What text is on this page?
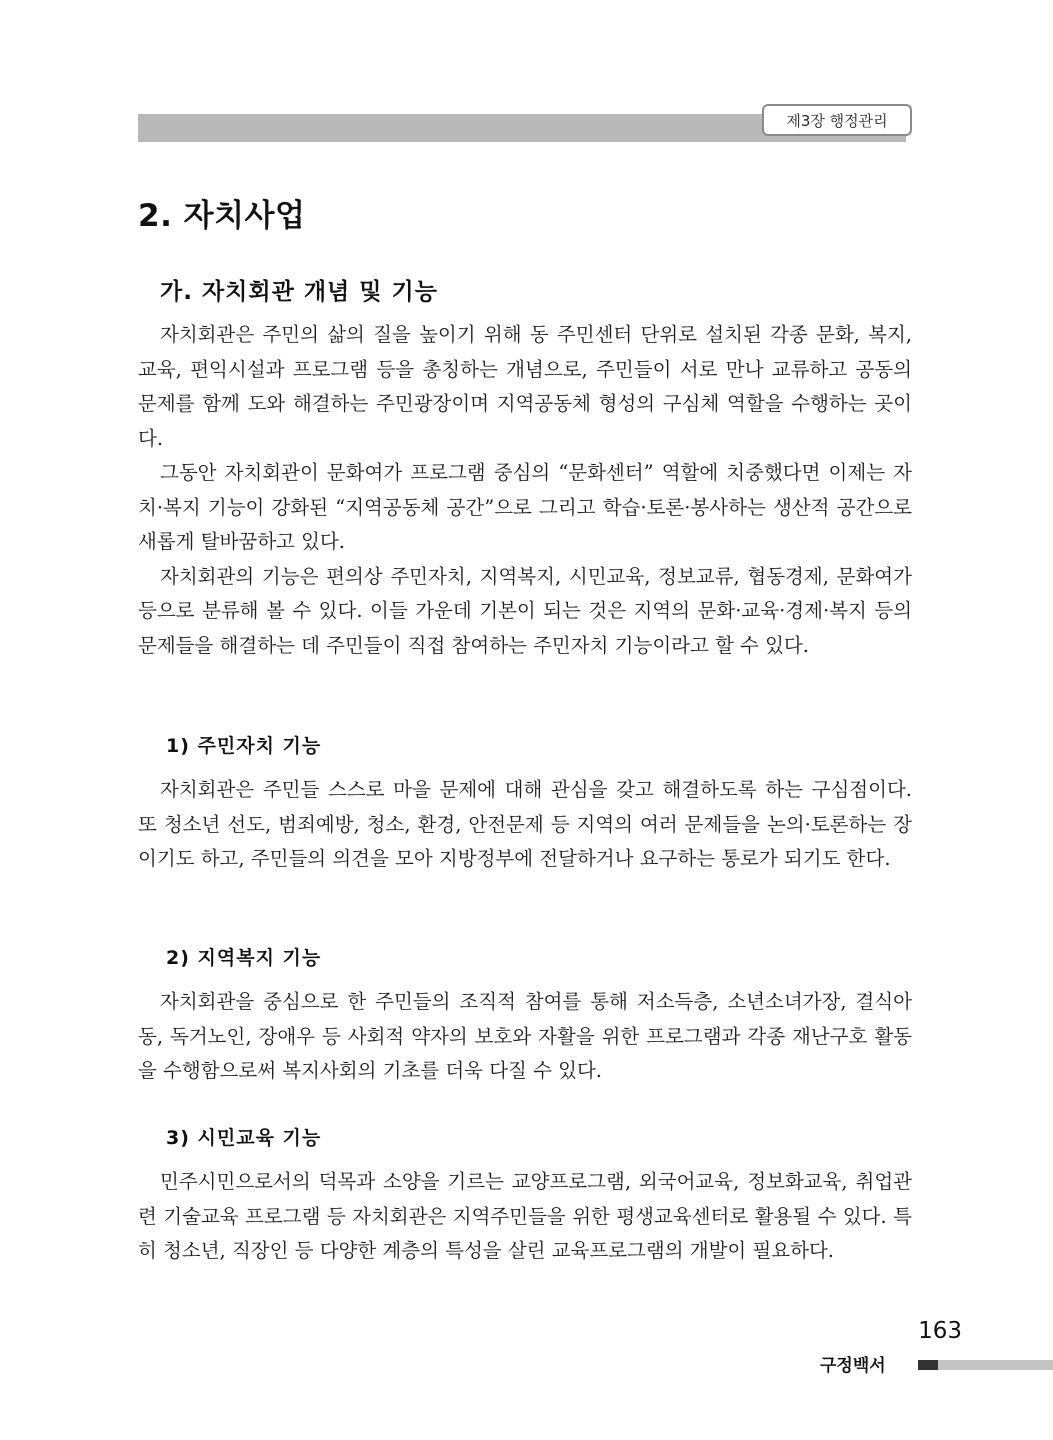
제3장 행정관리
2. 자치사업
가. 자치회관 개념 및 기능

자치회관은 주민의 삶의 질을 높이기 위해 동 주민센터 단위로 설치된 각종 문화, 복지, 교육, 편익시설과 프로그램 등을 총칭하는 개념으로, 주민들이 서로 만나 교류하고 공동의 문제를 함께 도와 해결하는 주민광장이며 지역공동체 형성의 구심체 역할을 수행하는 곳이다.

그동안 자치회관이 문화여가 프로그램 중심의 “문화센터” 역할에 치중했다면 이제는 자치·복지 기능이 강화된 “지역공동체 공간”으로 그리고 학습·토론·봉사하는 생산적 공간으로 새롭게 탈바꿈하고 있다.

자치회관의 기능은 편의상 주민자치, 지역복지, 시민교육, 정보교류, 협동경제, 문화여가 등으로 분류해 볼 수 있다. 이들 가운데 기본이 되는 것은 지역의 문화·교육·경제·복지 등의 문제들을 해결하는 데 주민들이 직접 참여하는 주민자치 기능이라고 할 수 있다.

1) 주민자치 기능

자치회관은 주민들 스스로 마을 문제에 대해 관심을 갖고 해결하도록 하는 구심점이다. 또 청소년 선도, 범죄예방, 청소, 환경, 안전문제 등 지역의 여러 문제들을 논의·토론하는 장이기도 하고, 주민들의 의견을 모아 지방정부에 전달하거나 요구하는 통로가 되기도 한다.

2) 지역복지 기능

자치회관을 중심으로 한 주민들의 조직적 참여를 통해 저소득층, 소년소녀가장, 결식아동, 독거노인, 장애우 등 사회적 약자의 보호와 자활을 위한 프로그램과 각종 재난구호 활동을 수행함으로써 복지사회의 기초를 더욱 다질 수 있다.

3) 시민교육 기능

민주시민으로서의 덕목과 소양을 기르는 교양프로그램, 외국어교육, 정보화교육, 취업관련 기술교육 프로그램 등 자치회관은 지역주민들을 위한 평생교육센터로 활용될 수 있다. 특히 청소년, 직장인 등 다양한 계층의 특성을 살린 교육프로그램의 개발이 필요하다.

163
구정백서
